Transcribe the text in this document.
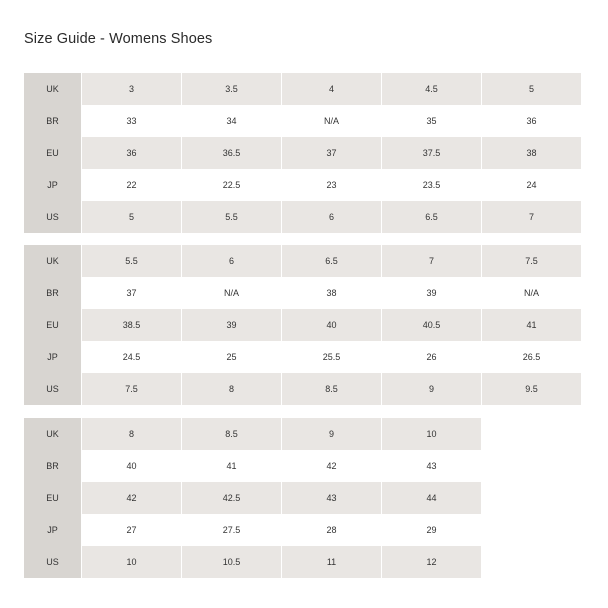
Size Guide - Womens Shoes
UK	3	3.5	4	4.5	5
BR	33	34	N/A	35	36
EU	36	36.5	37	37.5	38
JP	22	22.5	23	23.5	24
US	5	5.5	6	6.5	7
UK	5.5	6	6.5	7	7.5
BR	37	N/A	38	39	N/A
EU	38.5	39	40	40.5	41
JP	24.5	25	25.5	26	26.5
US	7.5	8	8.5	9	9.5
UK	8	8.5	9	10
BR	40	41	42	43
EU	42	42.5	43	44
JP	27	27.5	28	29
US	10	10.5	11	12
